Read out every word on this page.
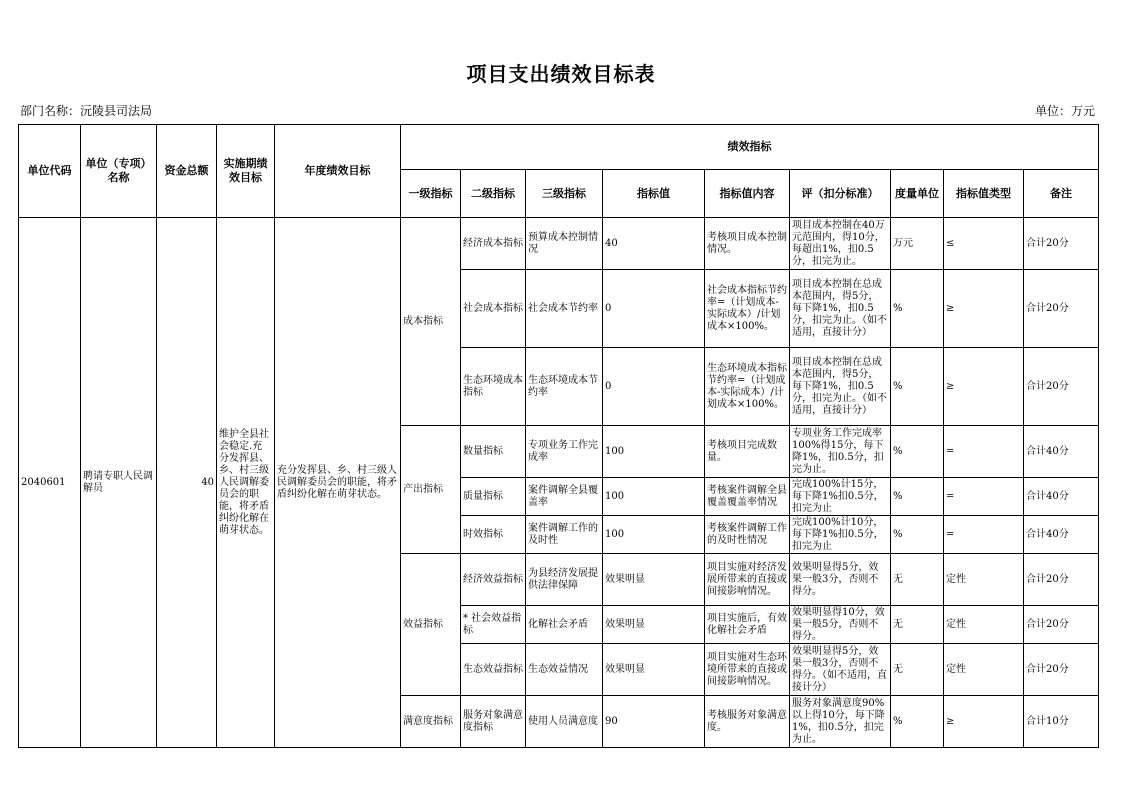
项目支出绩效目标表
部门名称：沅陵县司法局	单位：万元
单位代码	单位（专项）名称	资金总额	实施期绩效目标	年度绩效目标	绩效指标								
					一级指标	二级指标	三级指标	指标值	指标值内容	评（扣分标准）	度量单位	指标值类型	备注
2040601	聘请专职人民调解员	40	维护全县社会稳定.充分发挥县、乡、村三级人民调解委员会的职能，将矛盾纠纷化解在萌芽状态。	充分发挥县、乡、村三级人民调解委员会的职能，将矛盾纠纷化解在萌芽状态。	成本指标	经济成本指标	预算成本控制情况	40	考核项目成本控制情况。	项目成本控制在40万元范围内，得10分，每超出1%，扣0.5分，扣完为止。	万元	≤	合计20分
						社会成本指标	社会成本节约率	0	社会成本指标节约率=（计划成本-实际成本）/计划成本×100%。	项目成本控制在总成本范围内，得5分，每下降1%，扣0.5分，扣完为止。（如不适用，直接计分）	%	≥	合计20分
						生态环境成本指标	生态环境成本节约率	0	生态环境成本指标节约率=（计划成本-实际成本）/计划成本×100%。	项目成本控制在总成本范围内，得5分，每下降1%，扣0.5分，扣完为止。（如不适用，直接计分）	%	≥	合计20分
					产出指标	数量指标	专项业务工作完成率	100	考核项目完成数量。	专项业务工作完成率100%得15分，每下降1%，扣0.5分，扣完为止。	%	=	合计40分
						质量指标	案件调解全县覆盖率	100	考核案件调解全县覆盖覆盖率情况	完成100%计15分，每下降1%扣0.5分，扣完为止	%	=	合计40分
						时效指标	案件调解工作的及时性	100	考核案件调解工作的及时性情况	完成100%计10分，每下降1%扣0.5分，扣完为止	%	=	合计40分
					效益指标	经济效益指标	为县经济发展提供法律保障	效果明显	项目实施对经济发展所带来的直接或间接影响情况。	效果明显得5分，效果一般3分，否则不得分。	无	定性	合计20分
						* 社会效益指标	化解社会矛盾	效果明显	项目实施后，有效化解社会矛盾	效果明显得10分，效果一般5分，否则不得分。	无	定性	合计20分
						生态效益指标	生态效益情况	效果明显	项目实施对生态环境所带来的直接或间接影响情况。	效果明显得5分，效果一般3分，否则不得分。（如不适用，直接计分）	无	定性	合计20分
					满意度指标	服务对象满意度指标	使用人员满意度	90	考核服务对象满意度。	服务对象满意度90%以上得10分，每下降1%，扣0.5分，扣完为止。	%	≥	合计10分
